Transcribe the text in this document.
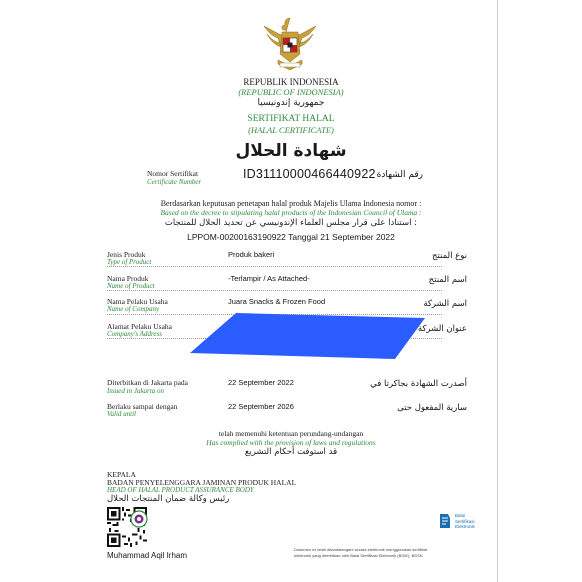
REPUBLIK INDONESIA
(REPUBLIC OF INDONESIA)
جمهورية إندونيسيا
SERTIFIKAT HALAL
(HALAL CERTIFICATE)
شهادة الحلال
Nomor Sertifikat
Certificate Number
ID31110000466440922 رقم الشهادة
Berdasarkan keputusan penetapan halal produk Majelis Ulama Indonesia nomor :
Based on the decree to stipulating halal products of the Indonesian Council of Ulama :
استنادا على قرار مجلس العلماء الإندونيسي عن تحديد الحلال للمنتجات :
LPPOM-00200163190922 Tanggal 21 September 2022
Jenis Produk
Type of Product
Produk bakeri	نوع المنتج
Nama Produk
Name of Product
-Terlampir / As Attached-	اسم المنتج
Nama Pelaku Usaha
Name of Company
Juara Snacks & Frozen Food	اسم الشركة
Alamat Pelaku Usaha
Company's Address	عنوان الشركة
Diterbitkan di Jakarta pada
Issued in Jakarta on
22 September 2022	أصدرت الشهادة بجاكرتا في
Berlaku sampai dengan
Valid until
22 September 2026	سارية المفعول حتى
telah memenuhi ketentuan perundang-undangan
Has complied with the provision of laws and regulations
قد استوفت أحكام التشريع
KEPALA
BADAN PENYELENGGARA JAMINAN PRODUK HALAL
HEAD OF HALAL PRODUCT ASSURANCE BODY
رئيس وكالة ضمان المنتجات الحلال
Muhammad Aqil Irham
Dokumen ini telah ditandatangani secara elektronik menggunakan sertifikat
elektronik yang diterbitkan oleh Balai Sertifikasi Elektronik (BSrE), BSSN
Balai
Sertifikasi
Elektronik
